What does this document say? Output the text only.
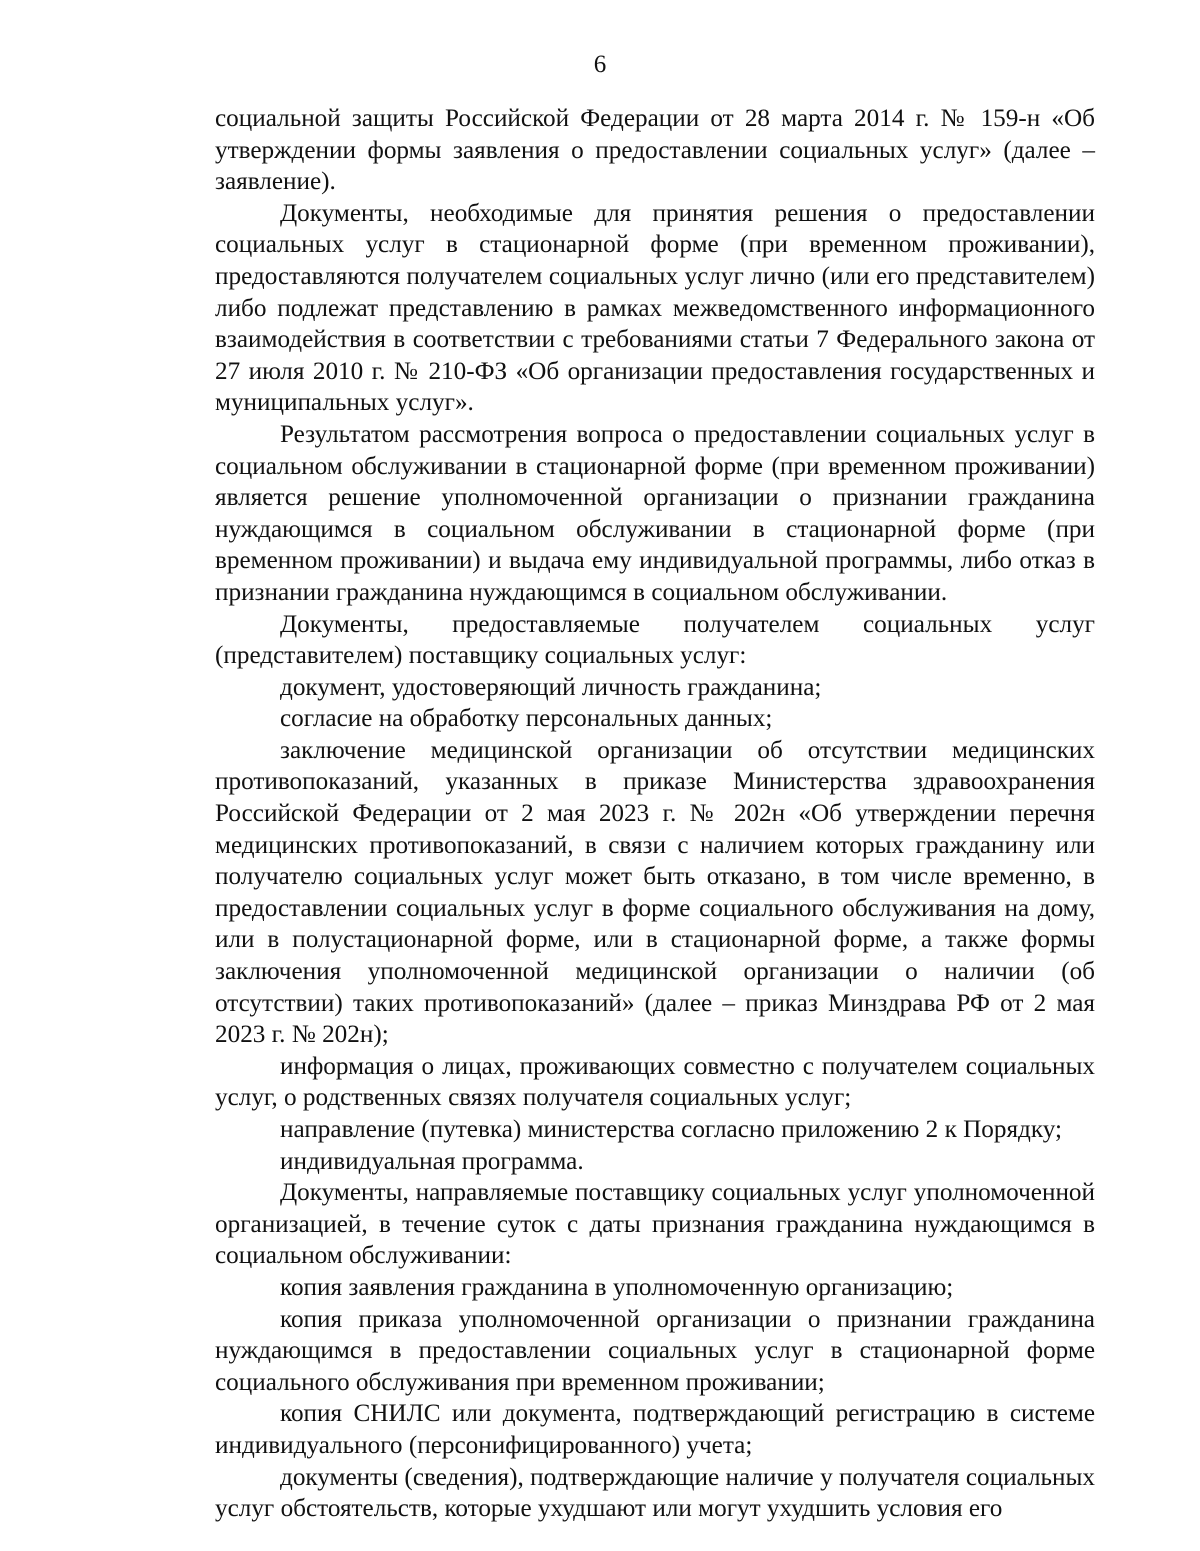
6

социальной защиты Российской Федерации от 28 марта 2014 г. № 159-н «Об утверждении формы заявления о предоставлении социальных услуг» (далее – заявление).

Документы, необходимые для принятия решения о предоставлении социальных услуг в стационарной форме (при временном проживании), предоставляются получателем социальных услуг лично (или его представителем) либо подлежат представлению в рамках межведомственного информационного взаимодействия в соответствии с требованиями статьи 7 Федерального закона от 27 июля 2010 г. № 210-ФЗ «Об организации предоставления государственных и муниципальных услуг».

Результатом рассмотрения вопроса о предоставлении социальных услуг в социальном обслуживании в стационарной форме (при временном проживании) является решение уполномоченной организации о признании гражданина нуждающимся в социальном обслуживании в стационарной форме (при временном проживании) и выдача ему индивидуальной программы, либо отказ в признании гражданина нуждающимся в социальном обслуживании.

Документы, предоставляемые получателем социальных услуг (представителем) поставщику социальных услуг:

документ, удостоверяющий личность гражданина;

согласие на обработку персональных данных;

заключение медицинской организации об отсутствии медицинских противопоказаний, указанных в приказе Министерства здравоохранения Российской Федерации от 2 мая 2023 г. № 202н «Об утверждении перечня медицинских противопоказаний, в связи с наличием которых гражданину или получателю социальных услуг может быть отказано, в том числе временно, в предоставлении социальных услуг в форме социального обслуживания на дому, или в полустационарной форме, или в стационарной форме, а также формы заключения уполномоченной медицинской организации о наличии (об отсутствии) таких противопоказаний» (далее – приказ Минздрава РФ от 2 мая 2023 г. № 202н);

информация о лицах, проживающих совместно с получателем социальных услуг, о родственных связях получателя социальных услуг;

направление (путевка) министерства согласно приложению 2 к Порядку;

индивидуальная программа.

Документы, направляемые поставщику социальных услуг уполномоченной организацией, в течение суток с даты признания гражданина нуждающимся в социальном обслуживании:

копия заявления гражданина в уполномоченную организацию;

копия приказа уполномоченной организации о признании гражданина нуждающимся в предоставлении социальных услуг в стационарной форме социального обслуживания при временном проживании;

копия СНИЛС или документа, подтверждающий регистрацию в системе индивидуального (персонифицированного) учета;

документы (сведения), подтверждающие наличие у получателя социальных услуг обстоятельств, которые ухудшают или могут ухудшить условия его
